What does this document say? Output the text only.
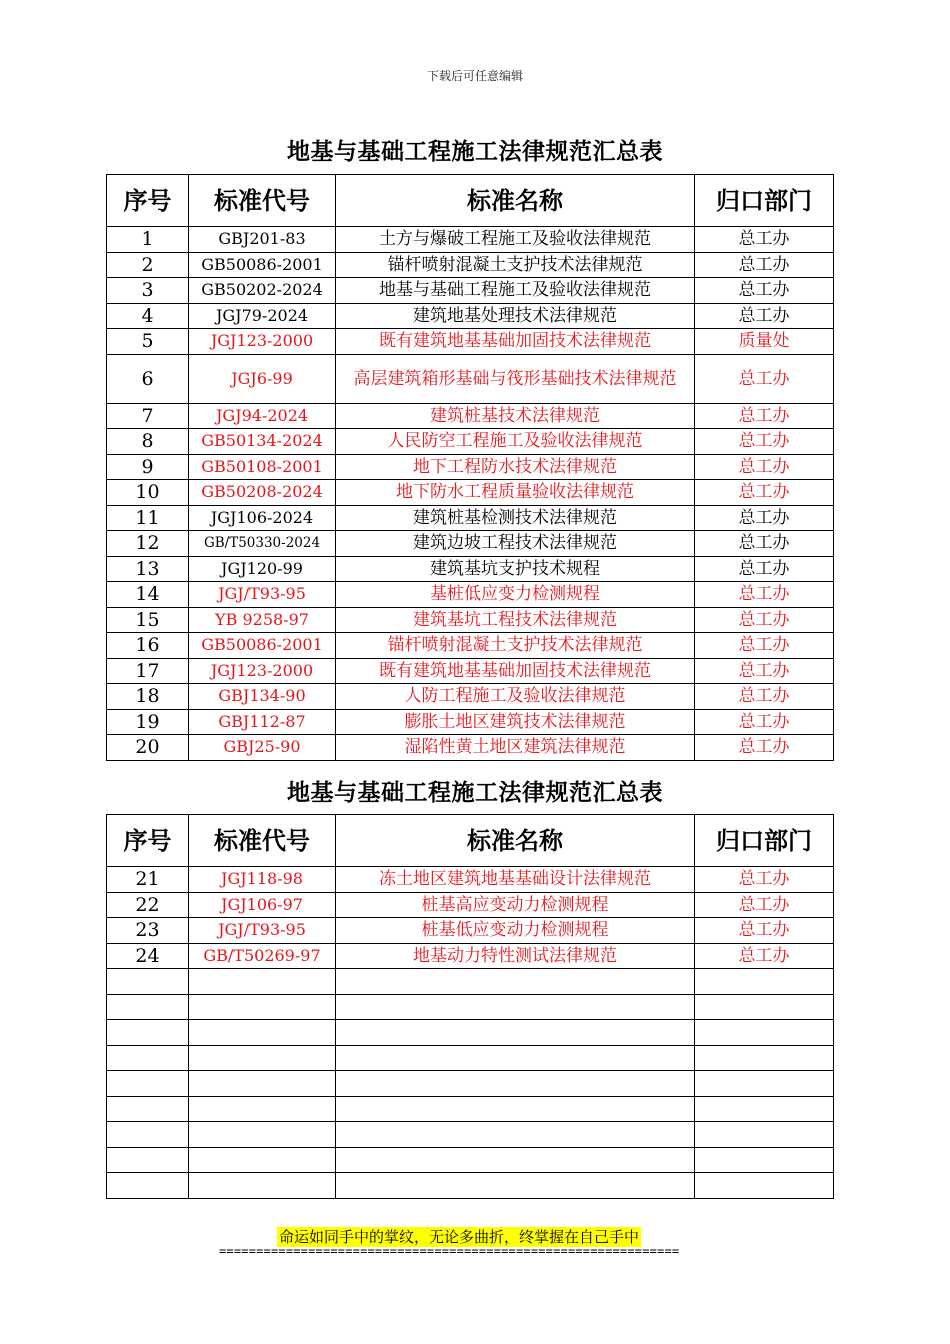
下载后可任意编辑
地基与基础工程施工法律规范汇总表
序号	标准代号	标准名称	归口部门
1	GBJ201-83	土方与爆破工程施工及验收法律规范	总工办
2	GB50086-2001	锚杆喷射混凝土支护技术法律规范	总工办
3	GB50202-2024	地基与基础工程施工及验收法律规范	总工办
4	JGJ79-2024	建筑地基处理技术法律规范	总工办
5	JGJ123-2000	既有建筑地基基础加固技术法律规范	质量处
6	JGJ6-99	高层建筑箱形基础与筏形基础技术法律规范	总工办
7	JGJ94-2024	建筑桩基技术法律规范	总工办
8	GB50134-2024	人民防空工程施工及验收法律规范	总工办
9	GB50108-2001	地下工程防水技术法律规范	总工办
10	GB50208-2024	地下防水工程质量验收法律规范	总工办
11	JGJ106-2024	建筑桩基检测技术法律规范	总工办
12	GB/T50330-2024	建筑边坡工程技术法律规范	总工办
13	JGJ120-99	建筑基坑支护技术规程	总工办
14	JGJ/T93-95	基桩低应变力检测规程	总工办
15	YB 9258-97	建筑基坑工程技术法律规范	总工办
16	GB50086-2001	锚杆喷射混凝土支护技术法律规范	总工办
17	JGJ123-2000	既有建筑地基基础加固技术法律规范	总工办
18	GBJ134-90	人防工程施工及验收法律规范	总工办
19	GBJ112-87	膨胀土地区建筑技术法律规范	总工办
20	GBJ25-90	湿陷性黄土地区建筑法律规范	总工办
地基与基础工程施工法律规范汇总表
序号	标准代号	标准名称	归口部门
21	JGJ118-98	冻土地区建筑地基基础设计法律规范	总工办
22	JGJ106-97	桩基高应变动力检测规程	总工办
23	JGJ/T93-95	桩基低应变动力检测规程	总工办
24	GB/T50269-97	地基动力特性测试法律规范	总工办

命运如同手中的掌纹，无论多曲折，终掌握在自己手中
==============================================================
